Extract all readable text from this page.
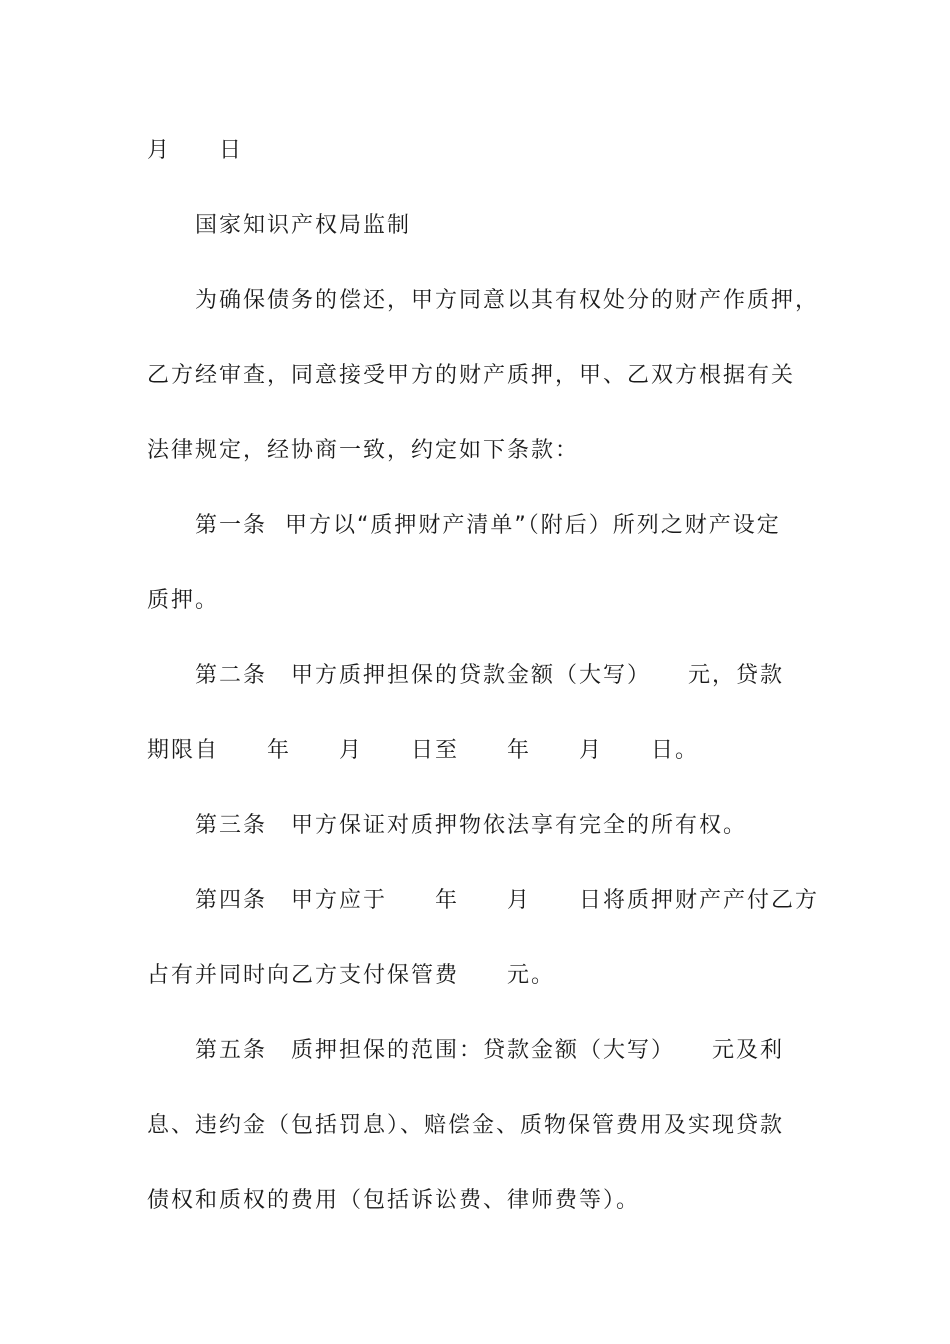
月　　日
国家知识产权局监制
为确保债务的偿还，甲方同意以其有权处分的财产作质押，
乙方经审查，同意接受甲方的财产质押，甲、乙双方根据有关
法律规定，经协商一致，约定如下条款：
第一条  甲方以“质押财产清单”（附后）所列之财产设定
质押。
第二条　甲方质押担保的贷款金额（大写）　　元，贷款
期限自　　年　　月　　日至　　年　　月　　日。
第三条　甲方保证对质押物依法享有完全的所有权。
第四条　甲方应于　　年　　月　　日将质押财产产付乙方
占有并同时向乙方支付保管费　　元。
第五条　质押担保的范围：贷款金额（大写）　　元及利
息、违约金（包括罚息）、赔偿金、质物保管费用及实现贷款
债权和质权的费用（包括诉讼费、律师费等）。
